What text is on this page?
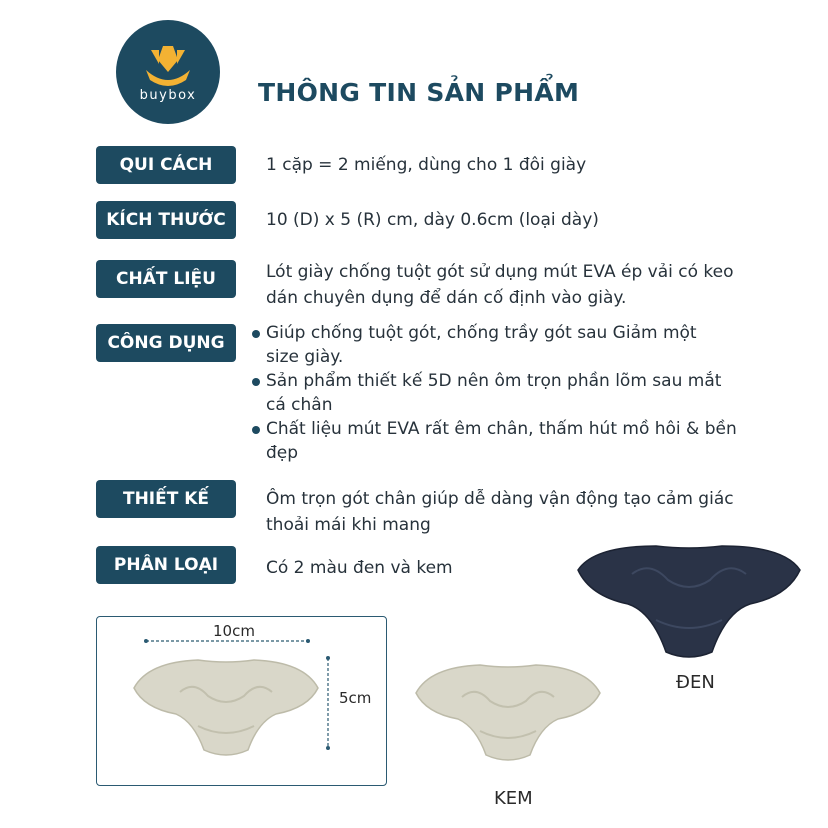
buybox	THÔNG TIN SẢN PHẨM
QUI CÁCH	1 cặp = 2 miếng, dùng cho 1 đôi giày
KÍCH THƯỚC	10 (D) x 5 (R) cm, dày 0.6cm (loại dày)
CHẤT LIỆU	Lót giày chống tuột gót sử dụng mút EVA ép vải có keo dán chuyên dụng để dán cố định vào giày.
CÔNG DỤNG	Giúp chống tuột gót, chống trầy gót sau Giảm một size giày.
Sản phẩm thiết kế 5D nên ôm trọn phần lõm sau mắt cá chân
Chất liệu mút EVA rất êm chân, thấm hút mồ hôi & bền đẹp
THIẾT KẾ	Ôm trọn gót chân giúp dễ dàng vận động tạo cảm giác thoải mái khi mang
PHÂN LOẠI	Có 2 màu đen và kem
10cm
5cm
KEM
ĐEN
